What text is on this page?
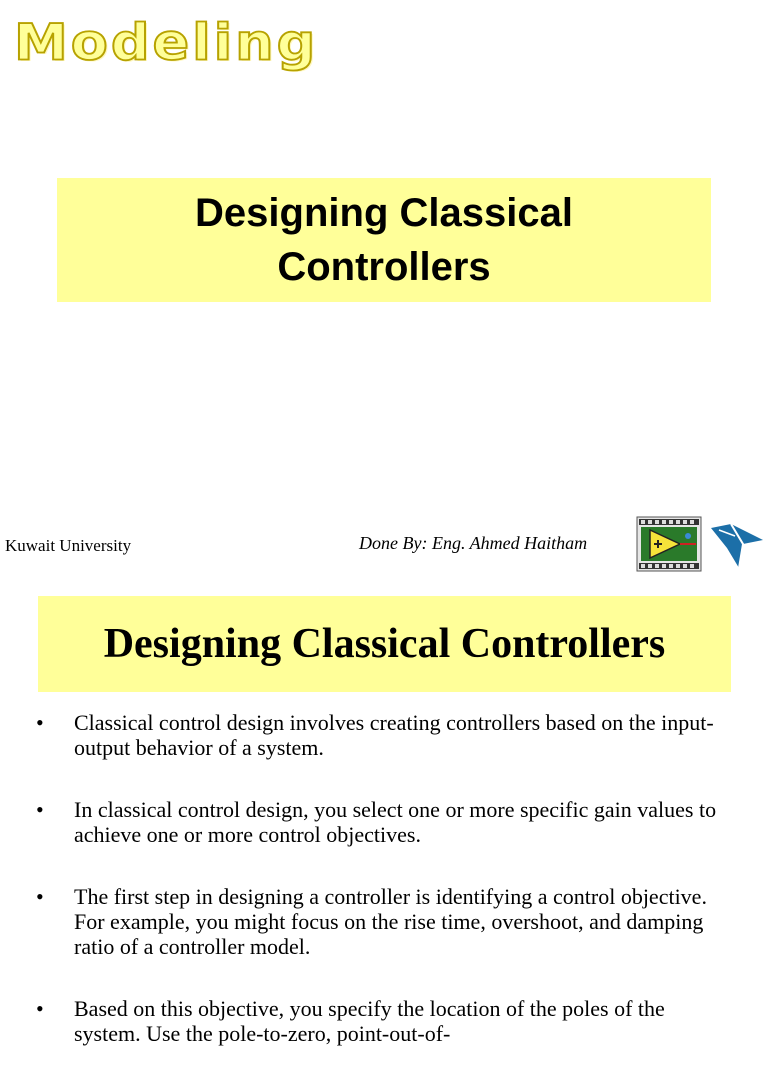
Modeling
Designing Classical Controllers
Kuwait University	Done By: Eng. Ahmed Haitham
Designing Classical Controllers
• Classical control design involves creating controllers based on the input-output behavior of a system.
• In classical control design, you select one or more specific gain values to achieve one or more control objectives.
• The first step in designing a controller is identifying a control objective. For example, you might focus on the rise time, overshoot, and damping ratio of a controller model.
• Based on this objective, you specify the location of the poles of the system. Use the pole-to-zero, point-out-of-
